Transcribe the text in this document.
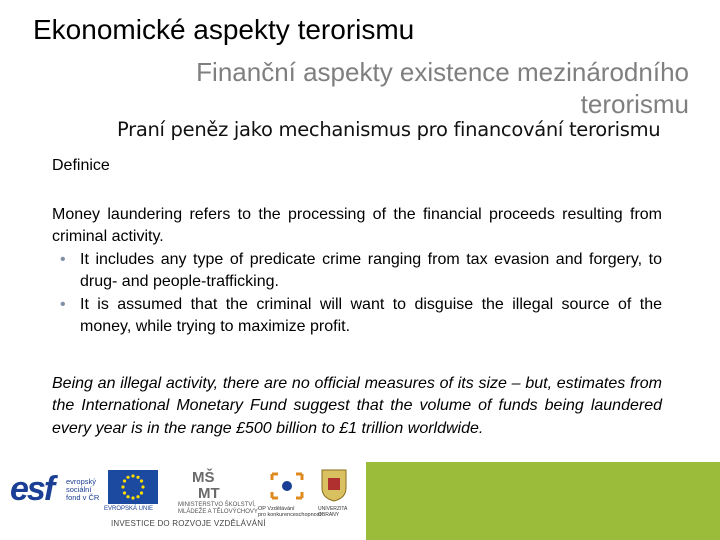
Ekonomické aspekty terorismu
Finanční aspekty existence mezinárodního terorismu
Praní peněz jako mechanismus pro financování terorismu

Definice

Money laundering refers to the processing of the financial proceeds resulting from criminal activity.

• It includes any type of predicate crime ranging from tax evasion and forgery, to drug- and people-trafficking.
• It is assumed that the criminal will want to disguise the illegal source of the money, while trying to maximize profit.

Being an illegal activity, there are no official measures of its size – but, estimates from the International Monetary Fund suggest that the volume of funds being laundered every year is in the range £500 billion to £1 trillion worldwide.

esf evropský
sociální
fond v ČR
EVROPSKÁ UNIE
MŠ
MT
MINISTERSTVO ŠKOLSTVÍ,
MLÁDEŽE A TĚLOVÝCHOVY OP Vzdělávání
pro konkurenceschopnost
UNIVERZITA
OBRANY
INVESTICE DO ROZVOJE VZDĚLÁVÁNÍ
